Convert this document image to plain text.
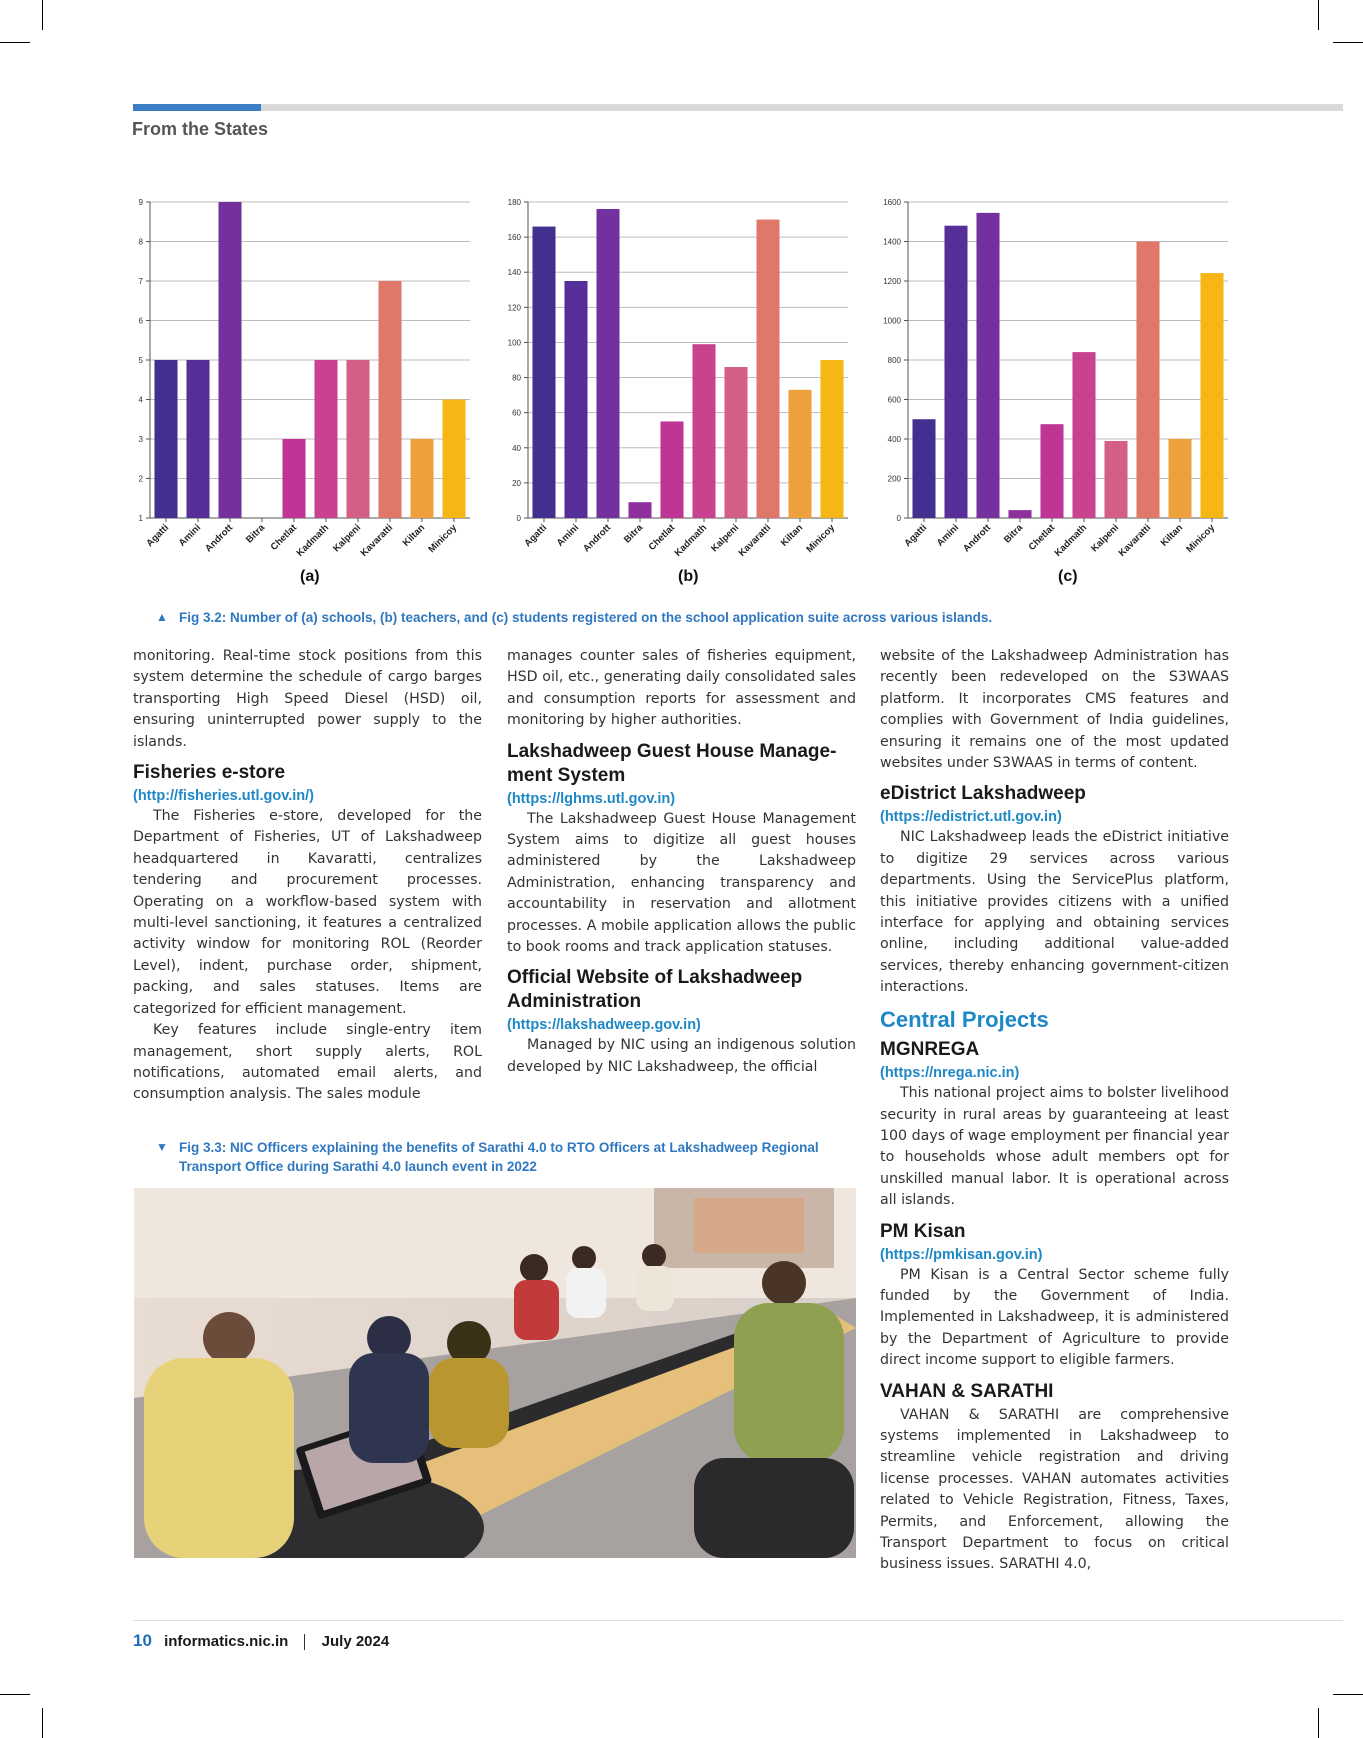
From the States
1
2
3
4
5
6
7
8
9
Agatti Amini Andrott Bitra Chetlat
Kadmath Kalpeni
Kavaratti Kiltan Minicoy
0
20
40
60
80
100
120
140
160
180
Agatti Amini Andrott Bitra Chetlat
Kadmath Kalpeni
Kavaratti Kiltan Minicoy
0
200
400
600
800
1000
1200
1400
1600
Agatti Amini Andrott Bitra Chetlat
Kadmath Kalpeni
Kavaratti Kiltan Minicoy
(a)	(b)	(c)
▲ Fig 3.2: Number of (a) schools, (b) teachers, and (c) students registered on the school application suite across various islands.

monitoring. Real-time stock positions from this system determine the schedule of cargo barges transporting High Speed Diesel (HSD) oil, ensuring uninterrupted power supply to the islands.

Fisheries e-store

(http://fisheries.utl.gov.in/)

The Fisheries e-store, developed for the Department of Fisheries, UT of Lakshadweep headquartered in Kavaratti, centralizes tendering and procurement processes. Operating on a workflow-based system with multi-level sanctioning, it features a centralized activity window for monitoring ROL (Reorder Level), indent, purchase order, shipment, packing, and sales statuses. Items are categorized for efficient management.

Key features include single-entry item management, short supply alerts, ROL notifications, automated email alerts, and consumption analysis. The sales module

manages counter sales of fisheries equipment, HSD oil, etc., generating daily consolidated sales and consumption reports for assessment and monitoring by higher authorities.

Lakshadweep Guest House Manage-ment System

(https://lghms.utl.gov.in)

The Lakshadweep Guest House Management System aims to digitize all guest houses administered by the Lakshadweep Administration, enhancing transparency and accountability in reservation and allotment processes. A mobile application allows the public to book rooms and track application statuses.

Official Website of Lakshadweep Administration

(https://lakshadweep.gov.in)

Managed by NIC using an indigenous solution developed by NIC Lakshadweep, the official

website of the Lakshadweep Administration has recently been redeveloped on the S3WAAS platform. It incorporates CMS features and complies with Government of India guidelines, ensuring it remains one of the most updated websites under S3WAAS in terms of content.

eDistrict Lakshadweep

(https://edistrict.utl.gov.in)

NIC Lakshadweep leads the eDistrict initiative to digitize 29 services across various departments. Using the ServicePlus platform, this initiative provides citizens with a unified interface for applying and obtaining services online, including additional value-added services, thereby enhancing government-citizen interactions.

Central Projects
MGNREGA

(https://nrega.nic.in)

This national project aims to bolster livelihood security in rural areas by guaranteeing at least 100 days of wage employment per financial year to households whose adult members opt for unskilled manual labor. It is operational across all islands.

PM Kisan

(https://pmkisan.gov.in)

PM Kisan is a Central Sector scheme fully funded by the Government of India. Implemented in Lakshadweep, it is administered by the Department of Agriculture to provide direct income support to eligible farmers.

VAHAN & SARATHI

VAHAN & SARATHI are comprehensive systems implemented in Lakshadweep to streamline vehicle registration and driving license processes. VAHAN automates activities related to Vehicle Registration, Fitness, Taxes, Permits, and Enforcement, allowing the Transport Department to focus on critical business issues. SARATHI 4.0,

▼ Fig 3.3: NIC Officers explaining the benefits of Sarathi 4.0 to RTO Officers at Lakshadweep Regional
Transport Office during Sarathi 4.0 launch event in 2022
10 informatics.nic.in July 2024
